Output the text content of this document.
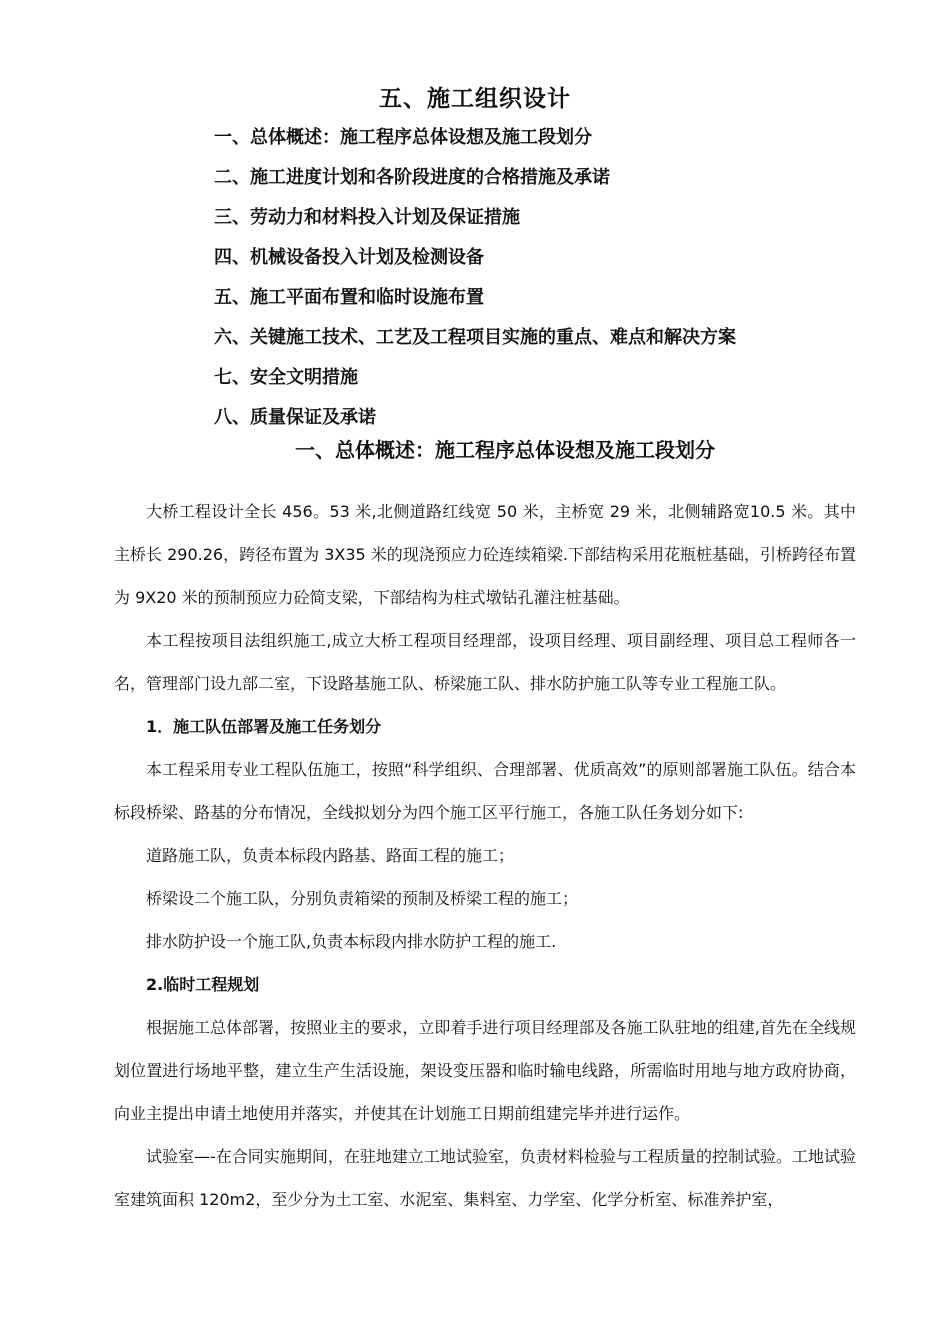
五、施工组织设计
一、总体概述：施工程序总体设想及施工段划分
二、施工进度计划和各阶段进度的合格措施及承诺
三、劳动力和材料投入计划及保证措施
四、机械设备投入计划及检测设备
五、施工平面布置和临时设施布置
六、关键施工技术、工艺及工程项目实施的重点、难点和解决方案
七、安全文明措施
八、质量保证及承诺
一、总体概述：施工程序总体设想及施工段划分

大桥工程设计全长 456。53 米,北侧道路红线宽 50 米，主桥宽 29 米，北侧辅路宽10.5 米。其中主桥长 290.26，跨径布置为 3X35 米的现浇预应力砼连续箱梁.下部结构采用花瓶桩基础，引桥跨径布置为 9X20 米的预制预应力砼简支梁，下部结构为柱式墩钻孔灌注桩基础。

本工程按项目法组织施工,成立大桥工程项目经理部，设项目经理、项目副经理、项目总工程师各一名，管理部门设九部二室，下设路基施工队、桥梁施工队、排水防护施工队等专业工程施工队。

1．施工队伍部署及施工任务划分

本工程采用专业工程队伍施工，按照“科学组织、合理部署、优质高效”的原则部署施工队伍。结合本标段桥梁、路基的分布情况，全线拟划分为四个施工区平行施工，各施工队任务划分如下:

道路施工队，负责本标段内路基、路面工程的施工；

桥梁设二个施工队，分别负责箱梁的预制及桥梁工程的施工；

排水防护设一个施工队,负责本标段内排水防护工程的施工.

2.临时工程规划

根据施工总体部署，按照业主的要求，立即着手进行项目经理部及各施工队驻地的组建,首先在全线规划位置进行场地平整，建立生产生活设施，架设变压器和临时输电线路，所需临时用地与地方政府协商，向业主提出申请土地使用并落实，并使其在计划施工日期前组建完毕并进行运作。

试验室—-在合同实施期间，在驻地建立工地试验室，负责材料检验与工程质量的控制试验。工地试验室建筑面积 120m2，至少分为土工室、水泥室、集料室、力学室、化学分析室、标准养护室，
